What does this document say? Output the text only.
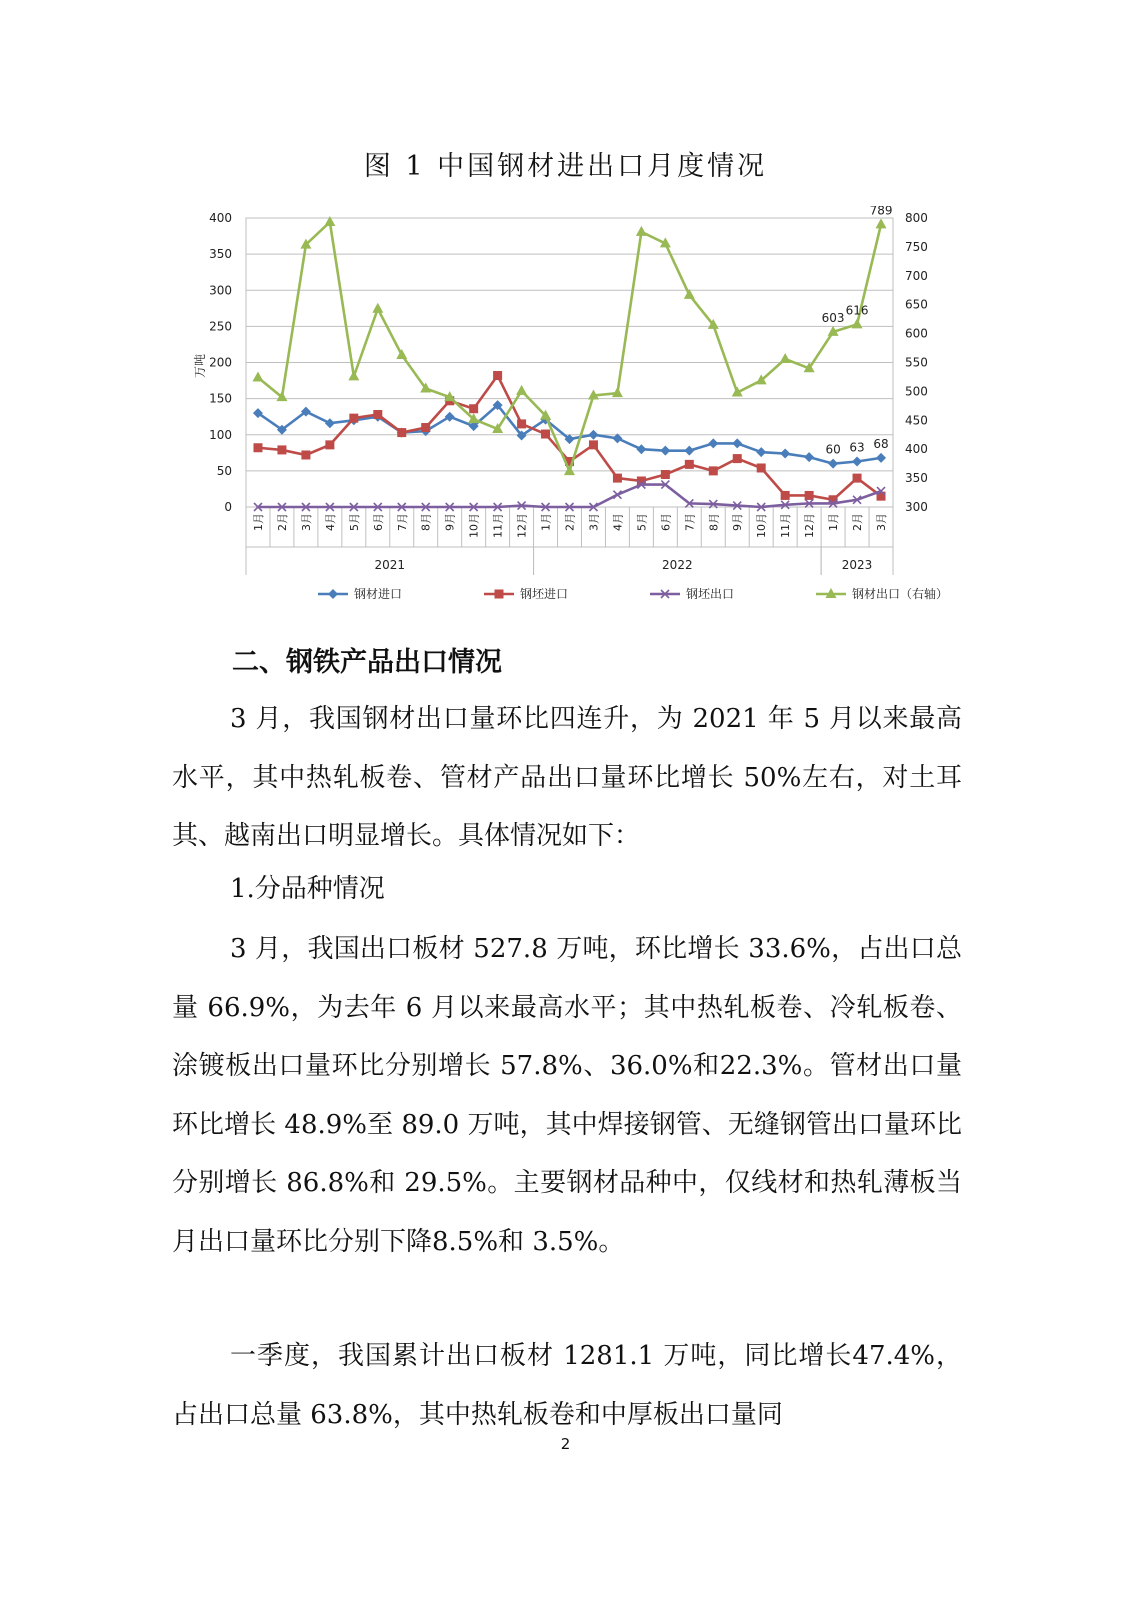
图 1 中国钢材进出口月度情况
0
50
100
150
200
250
300
350
400
300
350
400
450
500
550
600
650
700
750
800
万吨
1月 2月 3月 4月 5月 6月 7月 8月 9月 10月 11月 12月 1月 2月 3月 4月 5月 6月 7月 8月 9月 10月 11月 12月 1月 2月 3月
2021	2022	2023
603
616
789
60 63 68
钢材进口	钢坯进口	钢坯出口	钢材出口（右轴）
二、钢铁产品出口情况
3 月，我国钢材出口量环比四连升，为 2021 年 5 月以来最高水平，其中热轧板卷、管材产品出口量环比增长 50%左右，对土耳其、越南出口明显增长。具体情况如下：
1.分品种情况
3 月，我国出口板材 527.8 万吨，环比增长 33.6%，占出口总量 66.9%，为去年 6 月以来最高水平；其中热轧板卷、冷轧板卷、涂镀板出口量环比分别增长 57.8%、36.0%和22.3%。管材出口量环比增长 48.9%至 89.0 万吨，其中焊接钢管、无缝钢管出口量环比分别增长 86.8%和 29.5%。主要钢材品种中，仅线材和热轧薄板当月出口量环比分别下降8.5%和 3.5%。
一季度，我国累计出口板材 1281.1 万吨，同比增长47.4%，占出口总量 63.8%，其中热轧板卷和中厚板出口量同
2
